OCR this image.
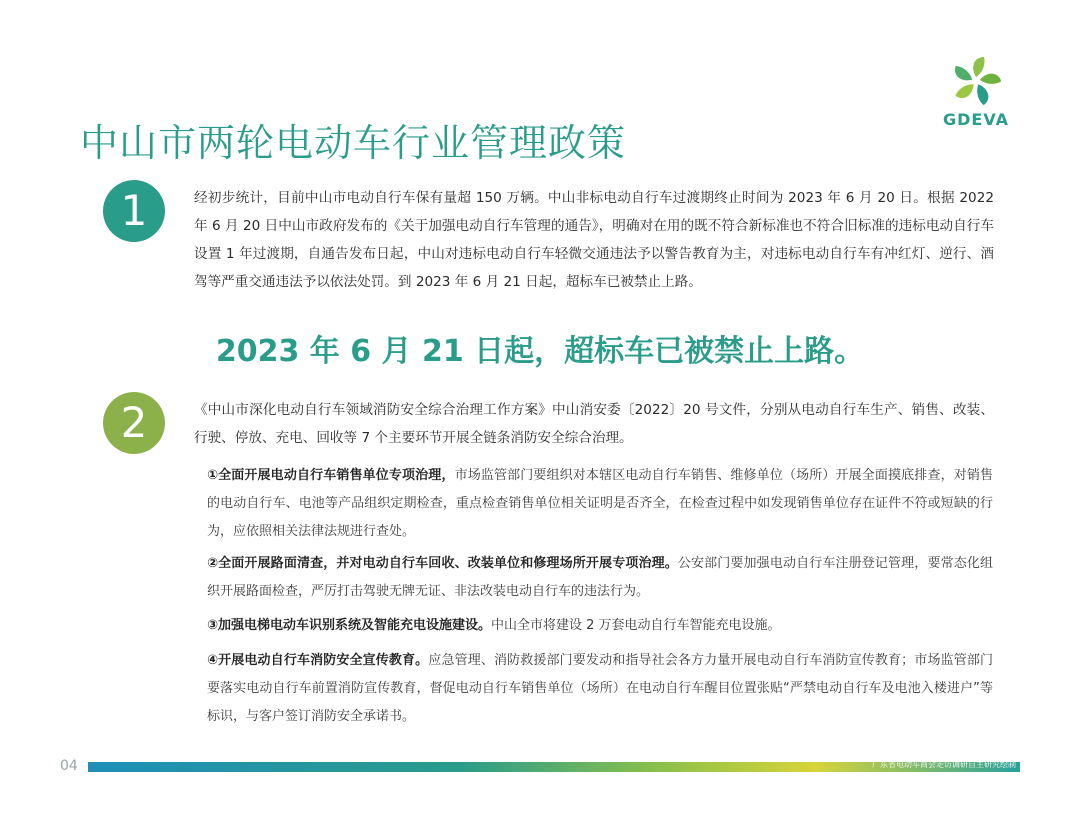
GDEVA
中山市两轮电动车行业管理政策
1	经初步统计，目前中山市电动自行车保有量超 150 万辆。中山非标电动自行车过渡期终止时间为 2023 年 6 月 20 日。根据 2022 年 6 月 20 日中山市政府发布的《关于加强电动自行车管理的通告》，明确对在用的既不符合新标准也不符合旧标准的违标电动自行车设置 1 年过渡期，自通告发布日起，中山对违标电动自行车轻微交通违法予以警告教育为主，对违标电动自行车有冲红灯、逆行、酒驾等严重交通违法予以依法处罚。到 2023 年 6 月 21 日起，超标车已被禁止上路。
2023 年 6 月 21 日起，超标车已被禁止上路。
2	《中山市深化电动自行车领域消防安全综合治理工作方案》中山消安委〔2022〕20 号文件，分别从电动自行车生产、销售、改装、行驶、停放、充电、回收等 7 个主要环节开展全链条消防安全综合治理。
①全面开展电动自行车销售单位专项治理，市场监管部门要组织对本辖区电动自行车销售、维修单位（场所）开展全面摸底排查，对销售的电动自行车、电池等产品组织定期检查，重点检查销售单位相关证明是否齐全，在检查过程中如发现销售单位存在证件不符或短缺的行为，应依照相关法律法规进行查处。
②全面开展路面清查，并对电动自行车回收、改装单位和修理场所开展专项治理。公安部门要加强电动自行车注册登记管理，要常态化组织开展路面检查，严厉打击驾驶无牌无证、非法改装电动自行车的违法行为。
③加强电梯电动车识别系统及智能充电设施建设。中山全市将建设 2 万套电动自行车智能充电设施。
④开展电动自行车消防安全宣传教育。应急管理、消防救援部门要发动和指导社会各方力量开展电动自行车消防宣传教育；市场监管部门要落实电动自行车前置消防宣传教育，督促电动自行车销售单位（场所）在电动自行车醒目位置张贴“严禁电动自行车及电池入楼进户”等标识，与客户签订消防安全承诺书。
04	广东省电动车商会走访调研自主研究绘制
